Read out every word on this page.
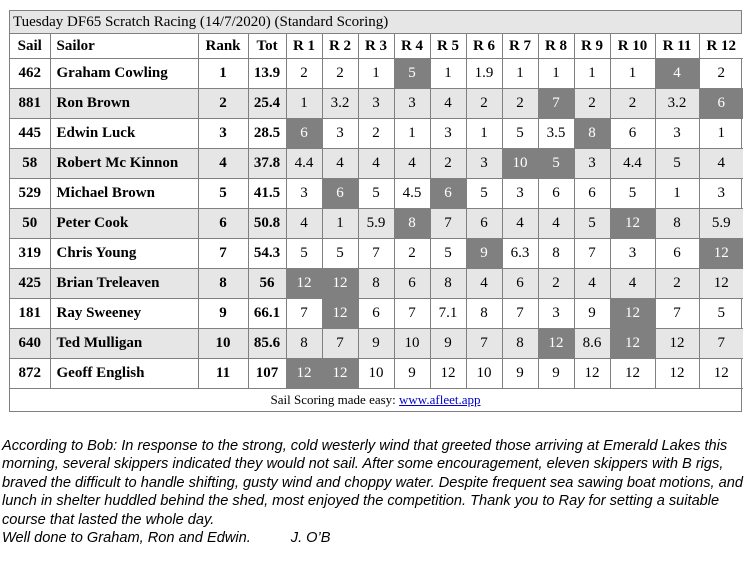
Tuesday DF65 Scratch Racing (14/7/2020) (Standard Scoring)
Sail	Sailor	Rank	Tot	R 1	R 2	R 3	R 4	R 5	R 6	R 7	R 8	R 9	R 10	R 11	R 12
462	Graham Cowling	1	13.9	2	2	1	5	1	1.9	1	1	1	1	4	2
881	Ron Brown	2	25.4	1	3.2	3	3	4	2	2	7	2	2	3.2	6
445	Edwin Luck	3	28.5	6	3	2	1	3	1	5	3.5	8	6	3	1
58	Robert Mc Kinnon	4	37.8	4.4	4	4	4	2	3	10	5	3	4.4	5	4
529	Michael Brown	5	41.5	3	6	5	4.5	6	5	3	6	6	5	1	3
50	Peter Cook	6	50.8	4	1	5.9	8	7	6	4	4	5	12	8	5.9
319	Chris Young	7	54.3	5	5	7	2	5	9	6.3	8	7	3	6	12
425	Brian Treleaven	8	56	12	12	8	6	8	4	6	2	4	4	2	12
181	Ray Sweeney	9	66.1	7	12	6	7	7.1	8	7	3	9	12	7	5
640	Ted Mulligan	10	85.6	8	7	9	10	9	7	8	12	8.6	12	12	7
872	Geoff English	11	107	12	12	10	9	12	10	9	9	12	12	12	12
Sail Scoring made easy: www.afleet.app

According to Bob: In response to the strong, cold westerly wind that greeted those arriving at Emerald Lakes this morning, several skippers indicated they would not sail. After some encouragement, eleven skippers with B rigs, braved the difficult to handle shifting, gusty wind and choppy water. Despite frequent sea sawing boat motions, and lunch in shelter huddled behind the shed, most enjoyed the competition. Thank you to Ray for setting a suitable course that lasted the whole day.

Well done to Graham, Ron and Edwin.	J. O’B
